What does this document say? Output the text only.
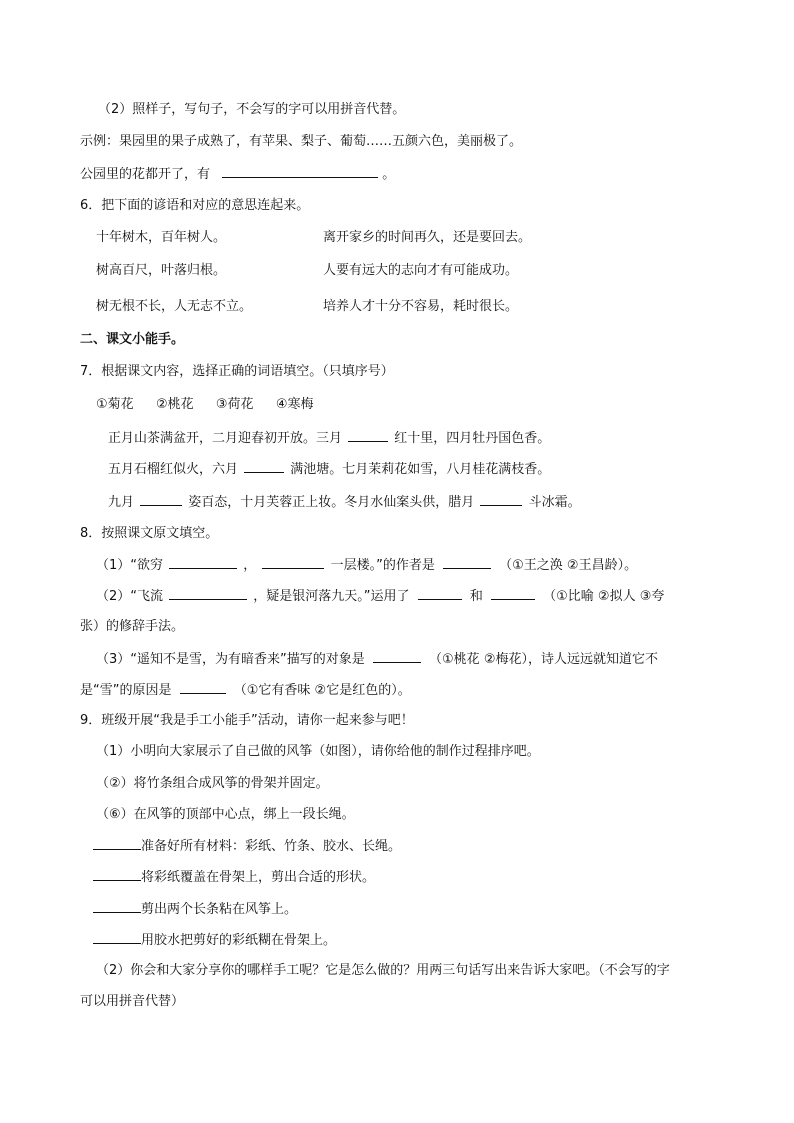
（2）照样子，写句子，不会写的字可以用拼音代替。
示例：果园里的果子成熟了，有苹果、梨子、葡萄……五颜六色，美丽极了。
公园里的花都开了，有	。
6．把下面的谚语和对应的意思连起来。
十年树木，百年树人。	离开家乡的时间再久，还是要回去。
树高百尺，叶落归根。	人要有远大的志向才有可能成功。
树无根不长，人无志不立。	培养人才十分不容易，耗时很长。
二、课文小能手。
7．根据课文内容，选择正确的词语填空。（只填序号）
①菊花 ②桃花 ③荷花 ④寒梅
正月山茶满盆开，二月迎春初开放。三月	红十里，四月牡丹国色香。
五月石榴红似火，六月	满池塘。七月茉莉花如雪，八月桂花满枝香。
九月	姿百态，十月芙蓉正上妆。冬月水仙案头供，腊月	斗冰霜。
8．按照课文原文填空。
（1）“欲穷	，	一层楼。”的作者是	（①王之涣 ②王昌龄）。
（2）“飞流	，疑是银河落九天。”运用了	和	（①比喻 ②拟人 ③夸
张）的修辞手法。
（3）“遥知不是雪，为有暗香来”描写的对象是	（①桃花 ②梅花），诗人远远就知道它不
是“雪”的原因是	（①它有香味 ②它是红色的）。
9．班级开展“我是手工小能手”活动，请你一起来参与吧！
（1）小明向大家展示了自己做的风筝（如图），请你给他的制作过程排序吧。
（②）将竹条组合成风筝的骨架并固定。
（⑥）在风筝的顶部中心点，绑上一段长绳。
准备好所有材料：彩纸、竹条、胶水、长绳。
将彩纸覆盖在骨架上，剪出合适的形状。
剪出两个长条粘在风筝上。
用胶水把剪好的彩纸糊在骨架上。
（2）你会和大家分享你的哪样手工呢？它是怎么做的？用两三句话写出来告诉大家吧。（不会写的字
可以用拼音代替）
